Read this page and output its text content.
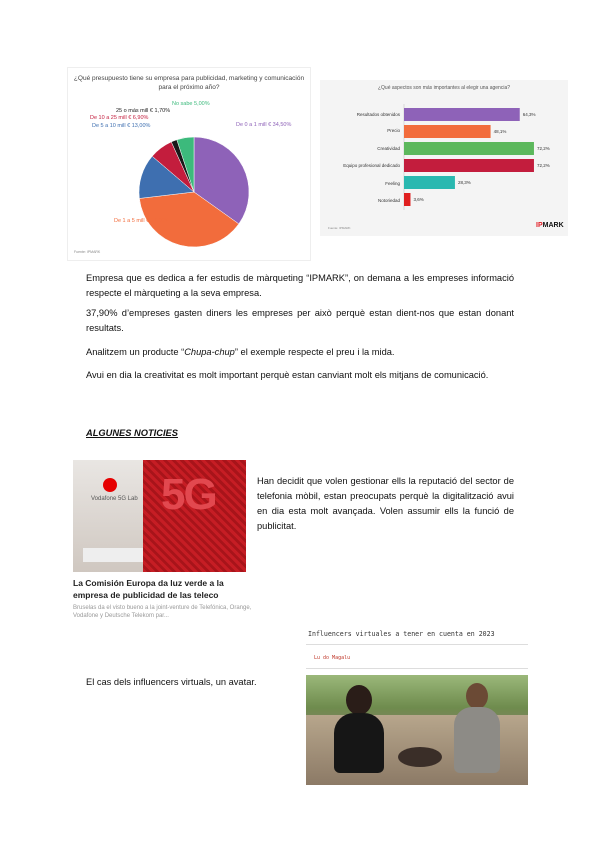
¿Qué presupuesto tiene su empresa para publicidad, marketing y comunicación para el próximo año?
De 0 a 1 mill € 34,50%
De 1 a 5 mill € 37,90%
De 5 a 10 mill € 13,00%
De 10 a 25 mill € 6,90%
25 o más mill € 1,70%
No sabe 5,00%
Fuente: IPMARK
¿Qué aspectos son más importantes al elegir una agencia?
Resultados obtenidos
Precio
Creatividad
Equipo profesional dedicado
Feeling
Notoriedad
64,3%
48,1%
72,2%
72,2%
28,3%
3,6%
Fuente: IPMARK	IPMARK
Empresa que es dedica a fer estudis de màrqueting “IPMARK”, on demana a les empreses informació respecte el màrqueting a la seva empresa.
37,90% d’empreses gasten diners les empreses per això perquè estan dient-nos que estan donant resultats.
Analitzem un producte “Chupa-chup” el exemple respecte el preu i la mida.
Avui en dia la creativitat es molt important perquè estan canviant molt els mitjans de comunicació.
ALGUNES NOTICIES
Vodafone 5G Lab 5G
La Comisión Europa da luz verde a la empresa de publicidad de las teleco
Bruselas da el visto bueno a la joint-venture de Telefónica, Orange, Vodafone y Deutsche Telekom par...
Han decidit que volen gestionar ells la reputació del sector de telefonia mòbil, estan preocupats perquè la digitalització avui en dia esta molt avançada. Volen assumir ells la funció de publicitat.
Influencers virtuales a tener en cuenta en 2023
Lu do Magalu
El cas dels influencers virtuals, un avatar.
